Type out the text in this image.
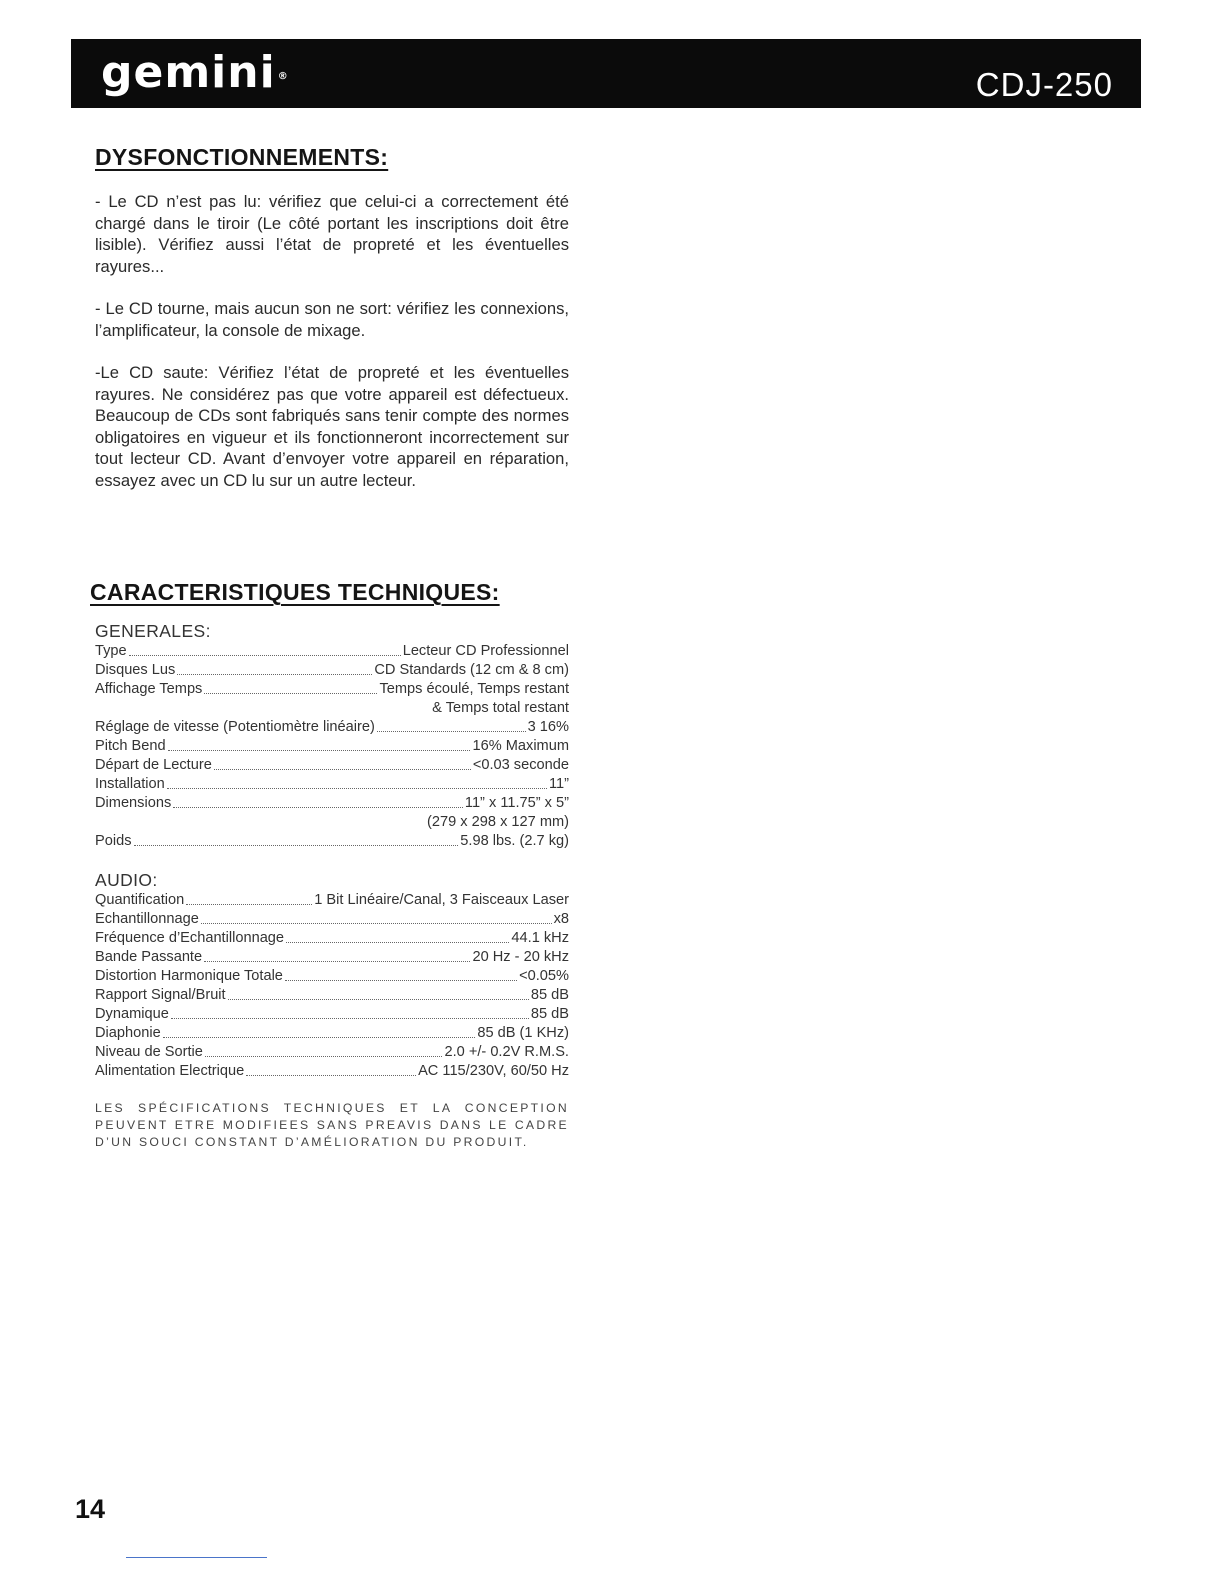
gemini ®	CDJ-250
DYSFONCTIONNEMENTS:

- Le CD n’est pas lu: vérifiez que celui-ci a correctement été chargé dans le tiroir (Le côté portant les inscriptions doit être lisible). Vérifiez aussi l’état de propreté et les éventuelles rayures...

- Le CD tourne, mais aucun son ne sort: vérifiez les connexions, l’amplificateur, la console de mixage.

-Le CD saute: Vérifiez l’état de propreté et les éventuelles rayures. Ne considérez pas que votre appareil est défectueux. Beaucoup de CDs sont fabriqués sans tenir compte des normes obligatoires en vigueur et ils fonctionneront incorrectement sur tout lecteur CD. Avant d’envoyer votre appareil en réparation, essayez avec un CD lu sur un autre lecteur.

CARACTERISTIQUES TECHNIQUES:
GENERALES:
Type	Lecteur CD Professionnel
Disques Lus	CD Standards (12 cm & 8 cm)
Affichage Temps	Temps écoulé, Temps restant
& Temps total restant
Réglage de vitesse (Potentiomètre linéaire)	3 16%
Pitch Bend	16% Maximum
Départ de Lecture	<0.03 seconde
Installation	11”
Dimensions	11” x 11.75” x 5”
(279 x 298 x 127 mm)
Poids	5.98 lbs. (2.7 kg)
AUDIO:
Quantification	1 Bit Linéaire/Canal, 3 Faisceaux Laser
Echantillonnage	x8
Fréquence d’Echantillonnage	44.1 kHz
Bande Passante	20 Hz - 20 kHz
Distortion Harmonique Totale	<0.05%
Rapport Signal/Bruit	85 dB
Dynamique	85 dB
Diaphonie	85 dB (1 KHz)
Niveau de Sortie	2.0 +/- 0.2V R.M.S.
Alimentation Electrique	AC 115/230V, 60/50 Hz

LES SPÉCIFICATIONS TECHNIQUES ET LA CONCEPTION PEUVENT ETRE MODIFIEES SANS PREAVIS DANS LE CADRE D’UN SOUCI CONSTANT D’AMÉLIORATION DU PRODUIT.

14
